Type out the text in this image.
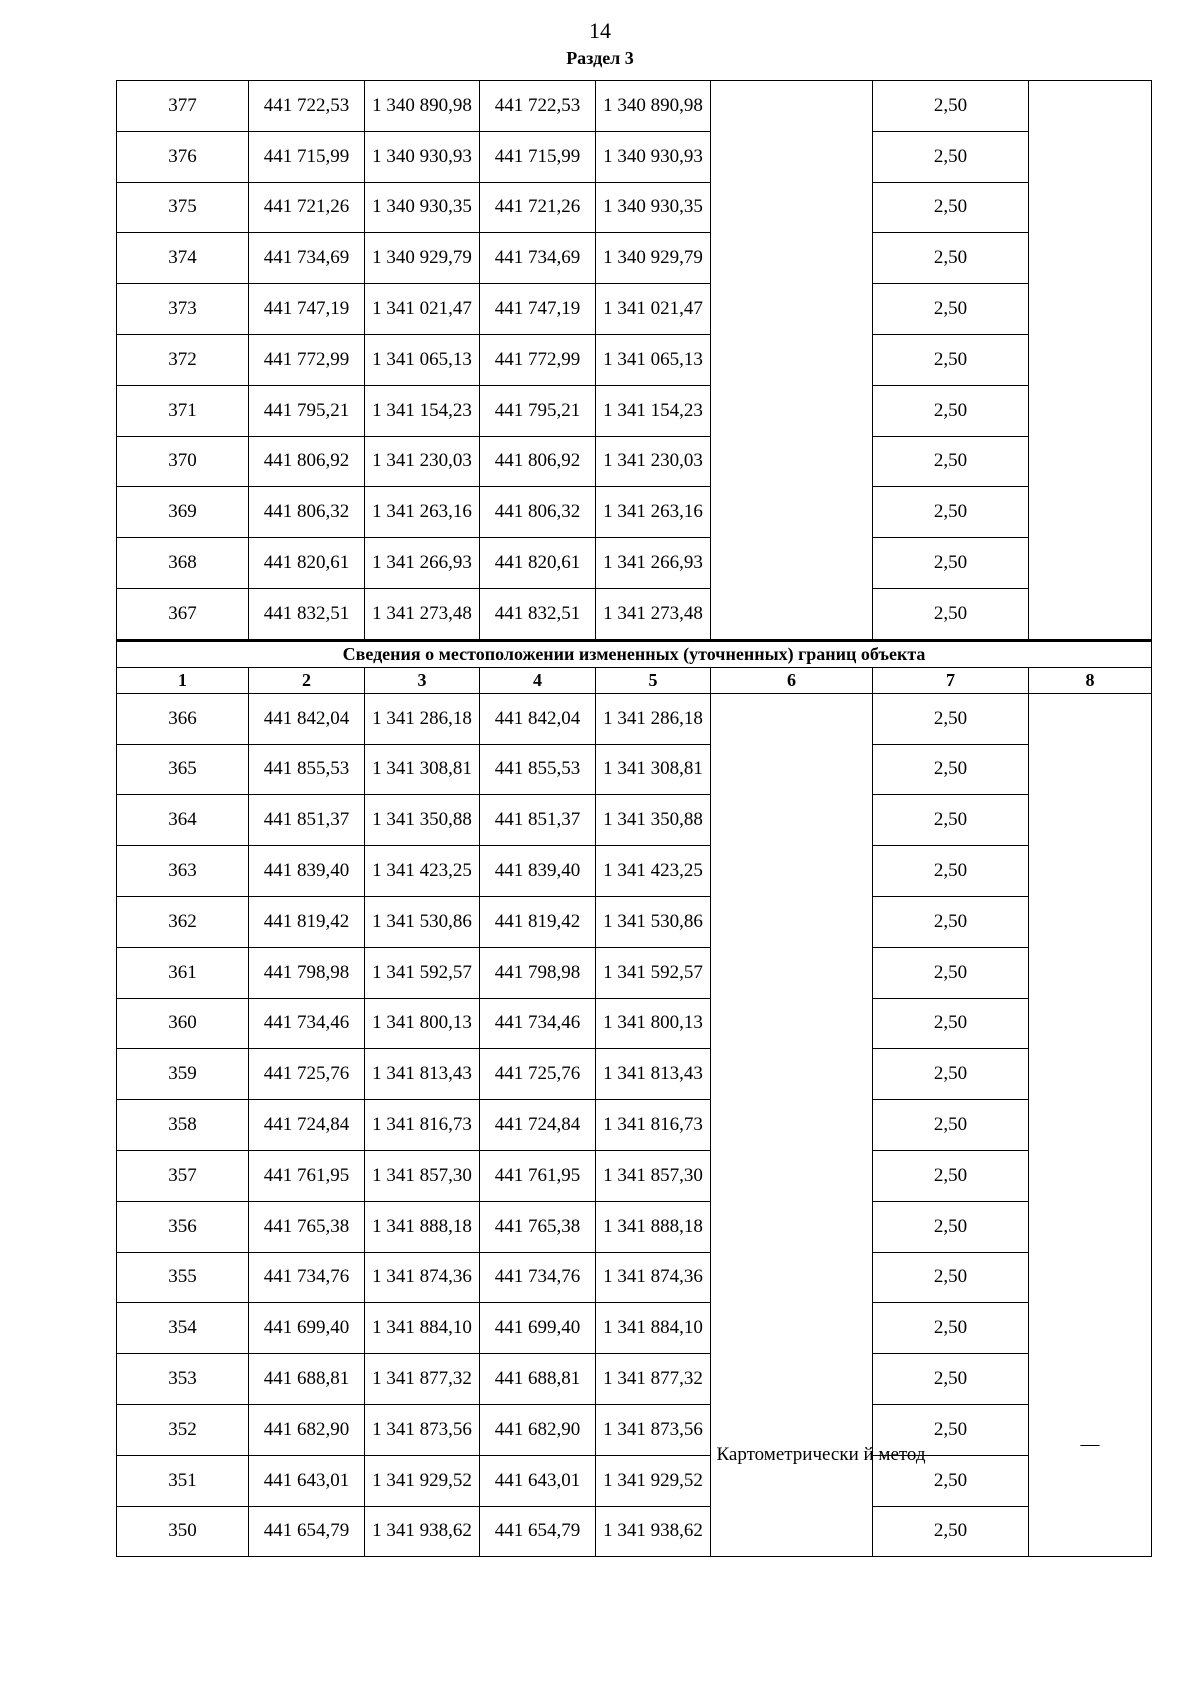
14
Раздел 3
377	441 722,53	1 340 890,98	441 722,53	1 340 890,98		2,50	
376	441 715,99	1 340 930,93	441 715,99	1 340 930,93		2,50	
375	441 721,26	1 340 930,35	441 721,26	1 340 930,35		2,50	
374	441 734,69	1 340 929,79	441 734,69	1 340 929,79		2,50	
373	441 747,19	1 341 021,47	441 747,19	1 341 021,47		2,50	
372	441 772,99	1 341 065,13	441 772,99	1 341 065,13		2,50	
371	441 795,21	1 341 154,23	441 795,21	1 341 154,23		2,50	
370	441 806,92	1 341 230,03	441 806,92	1 341 230,03		2,50	
369	441 806,32	1 341 263,16	441 806,32	1 341 263,16		2,50	
368	441 820,61	1 341 266,93	441 820,61	1 341 266,93		2,50	
367	441 832,51	1 341 273,48	441 832,51	1 341 273,48		2,50	
Сведения о местоположении измененных (уточненных) границ объекта							
1	2	3	4	5	6	7	8
366	441 842,04	1 341 286,18	441 842,04	1 341 286,18	Картометрически й метод	2,50	—
365	441 855,53	1 341 308,81	441 855,53	1 341 308,81		2,50	
364	441 851,37	1 341 350,88	441 851,37	1 341 350,88		2,50	
363	441 839,40	1 341 423,25	441 839,40	1 341 423,25		2,50	
362	441 819,42	1 341 530,86	441 819,42	1 341 530,86		2,50	
361	441 798,98	1 341 592,57	441 798,98	1 341 592,57		2,50	
360	441 734,46	1 341 800,13	441 734,46	1 341 800,13		2,50	
359	441 725,76	1 341 813,43	441 725,76	1 341 813,43		2,50	
358	441 724,84	1 341 816,73	441 724,84	1 341 816,73		2,50	
357	441 761,95	1 341 857,30	441 761,95	1 341 857,30		2,50	
356	441 765,38	1 341 888,18	441 765,38	1 341 888,18		2,50	
355	441 734,76	1 341 874,36	441 734,76	1 341 874,36		2,50	
354	441 699,40	1 341 884,10	441 699,40	1 341 884,10		2,50	
353	441 688,81	1 341 877,32	441 688,81	1 341 877,32		2,50	
352	441 682,90	1 341 873,56	441 682,90	1 341 873,56		2,50	
351	441 643,01	1 341 929,52	441 643,01	1 341 929,52		2,50	
350	441 654,79	1 341 938,62	441 654,79	1 341 938,62		2,50	
